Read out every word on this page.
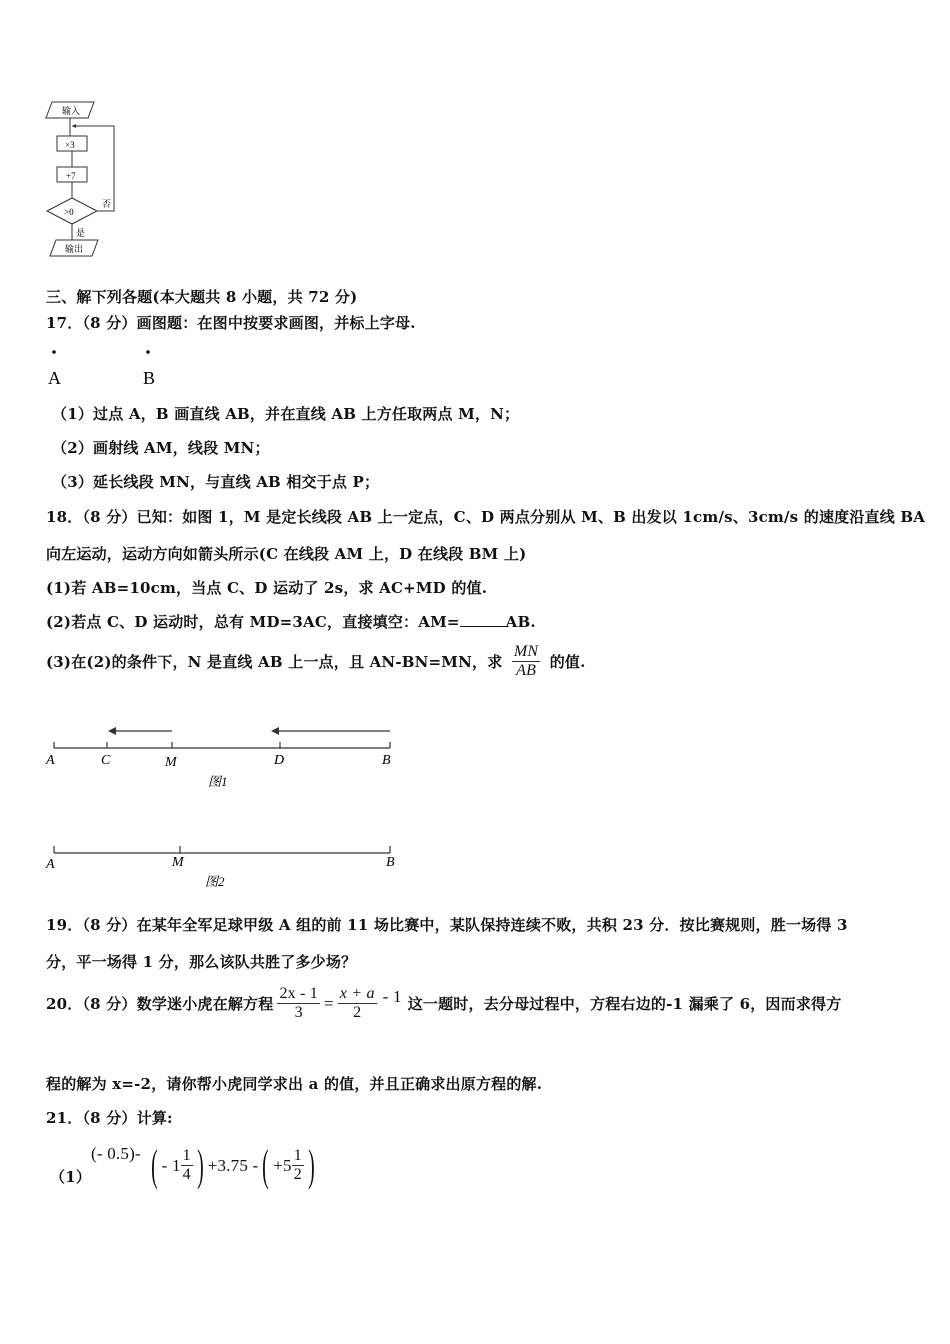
输入
×3
+7
>0
否
是
输出
三、解下列各题(本大题共 8 小题，共 72 分)
17．（8 分）画图题：在图中按要求画图，并标上字母.
A	B
（1）过点 A，B 画直线 AB，并在直线 AB 上方任取两点 M，N；
（2）画射线 AM，线段 MN；
（3）延长线段 MN，与直线 AB 相交于点 P；
18．（8 分）已知：如图 1，M 是定长线段 AB 上一定点，C、D 两点分别从 M、B 出发以 1cm/s、3cm/s 的速度沿直线 BA
向左运动，运动方向如箭头所示(C 在线段 AM 上，D 在线段 BM 上)
(1)若 AB=10cm，当点 C、D 运动了 2s，求 AC+MD 的值.
(2)若点 C、D 运动时，总有 MD=3AC，直接填空：AM=	AB.
(3)在(2)的条件下，N 是直线 AB 上一点，且 AN-BN=MN，求 $\frac{MN}{AB}$ 的值.
A	C	M	D	B
图1
A	M	B
图2
19．（8 分）在某年全军足球甲级 A 组的前 11 场比赛中，某队保持连续不败，共积 23 分．按比赛规则，胜一场得 3
分，平一场得 1 分，那么该队共胜了多少场？
20．（8 分）数学迷小虎在解方程 $\frac{2x - 1}{3} = \frac{x + a}{2} - 1$ 这一题时，去分母过程中，方程右边的-1 漏乘了 6，因而求得方
程的解为 x=-2，请你帮小虎同学求出 a 的值，并且正确求出原方程的解.
21．（8 分）计算:
（1）
(- 0.5)- ( - $1 \frac{1}{4}$ ) +3.75 - ( $+5 \frac{1}{2}$ )
